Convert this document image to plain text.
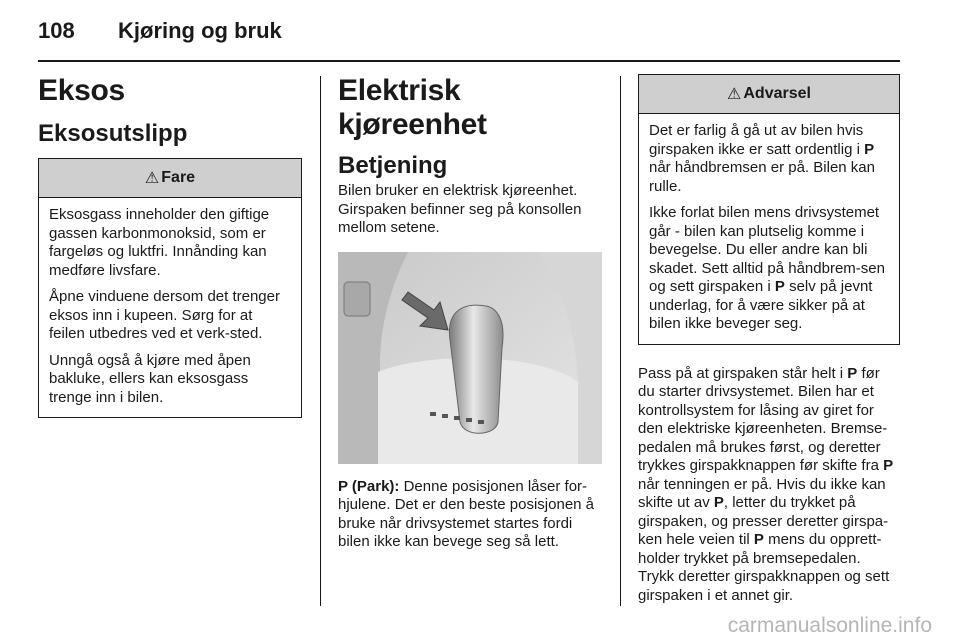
108 Kjøring og bruk
Eksos
Eksosutslipp
⚠ Fare

Eksosgass inneholder den giftige gassen karbonmonoksid, som er fargeløs og luktfri. Innånding kan medføre livsfare.

Åpne vinduene dersom det trenger eksos inn i kupeen. Sørg for at feilen utbedres ved et verk-sted.

Unngå også å kjøre med åpen bakluke, ellers kan eksosgass trenge inn i bilen.

Elektrisk kjøreenhet
Betjening

Bilen bruker en elektrisk kjøreenhet. Girspaken befinner seg på konsollen mellom setene.

P (Park): Denne posisjonen låser for-hjulene. Det er den beste posisjonen å bruke når drivsystemet startes fordi bilen ikke kan bevege seg så lett.

⚠ Advarsel

Det er farlig å gå ut av bilen hvis girspaken ikke er satt ordentlig i P når håndbremsen er på. Bilen kan rulle.

Ikke forlat bilen mens drivsystemet går - bilen kan plutselig komme i bevegelse. Du eller andre kan bli skadet. Sett alltid på håndbrem-sen og sett girspaken i P selv på jevnt underlag, for å være sikker på at bilen ikke beveger seg.

Pass på at girspaken står helt i P før du starter drivsystemet. Bilen har et kontrollsystem for låsing av giret for den elektriske kjøreenheten. Bremse-pedalen må brukes først, og deretter trykkes girspakknappen før skifte fra P når tenningen er på. Hvis du ikke kan skifte ut av P, letter du trykket på girspaken, og presser deretter girspa-ken hele veien til P mens du opprett-holder trykket på bremsepedalen. Trykk deretter girspakknappen og sett girspaken i et annet gir.

carmanualsonline.info
